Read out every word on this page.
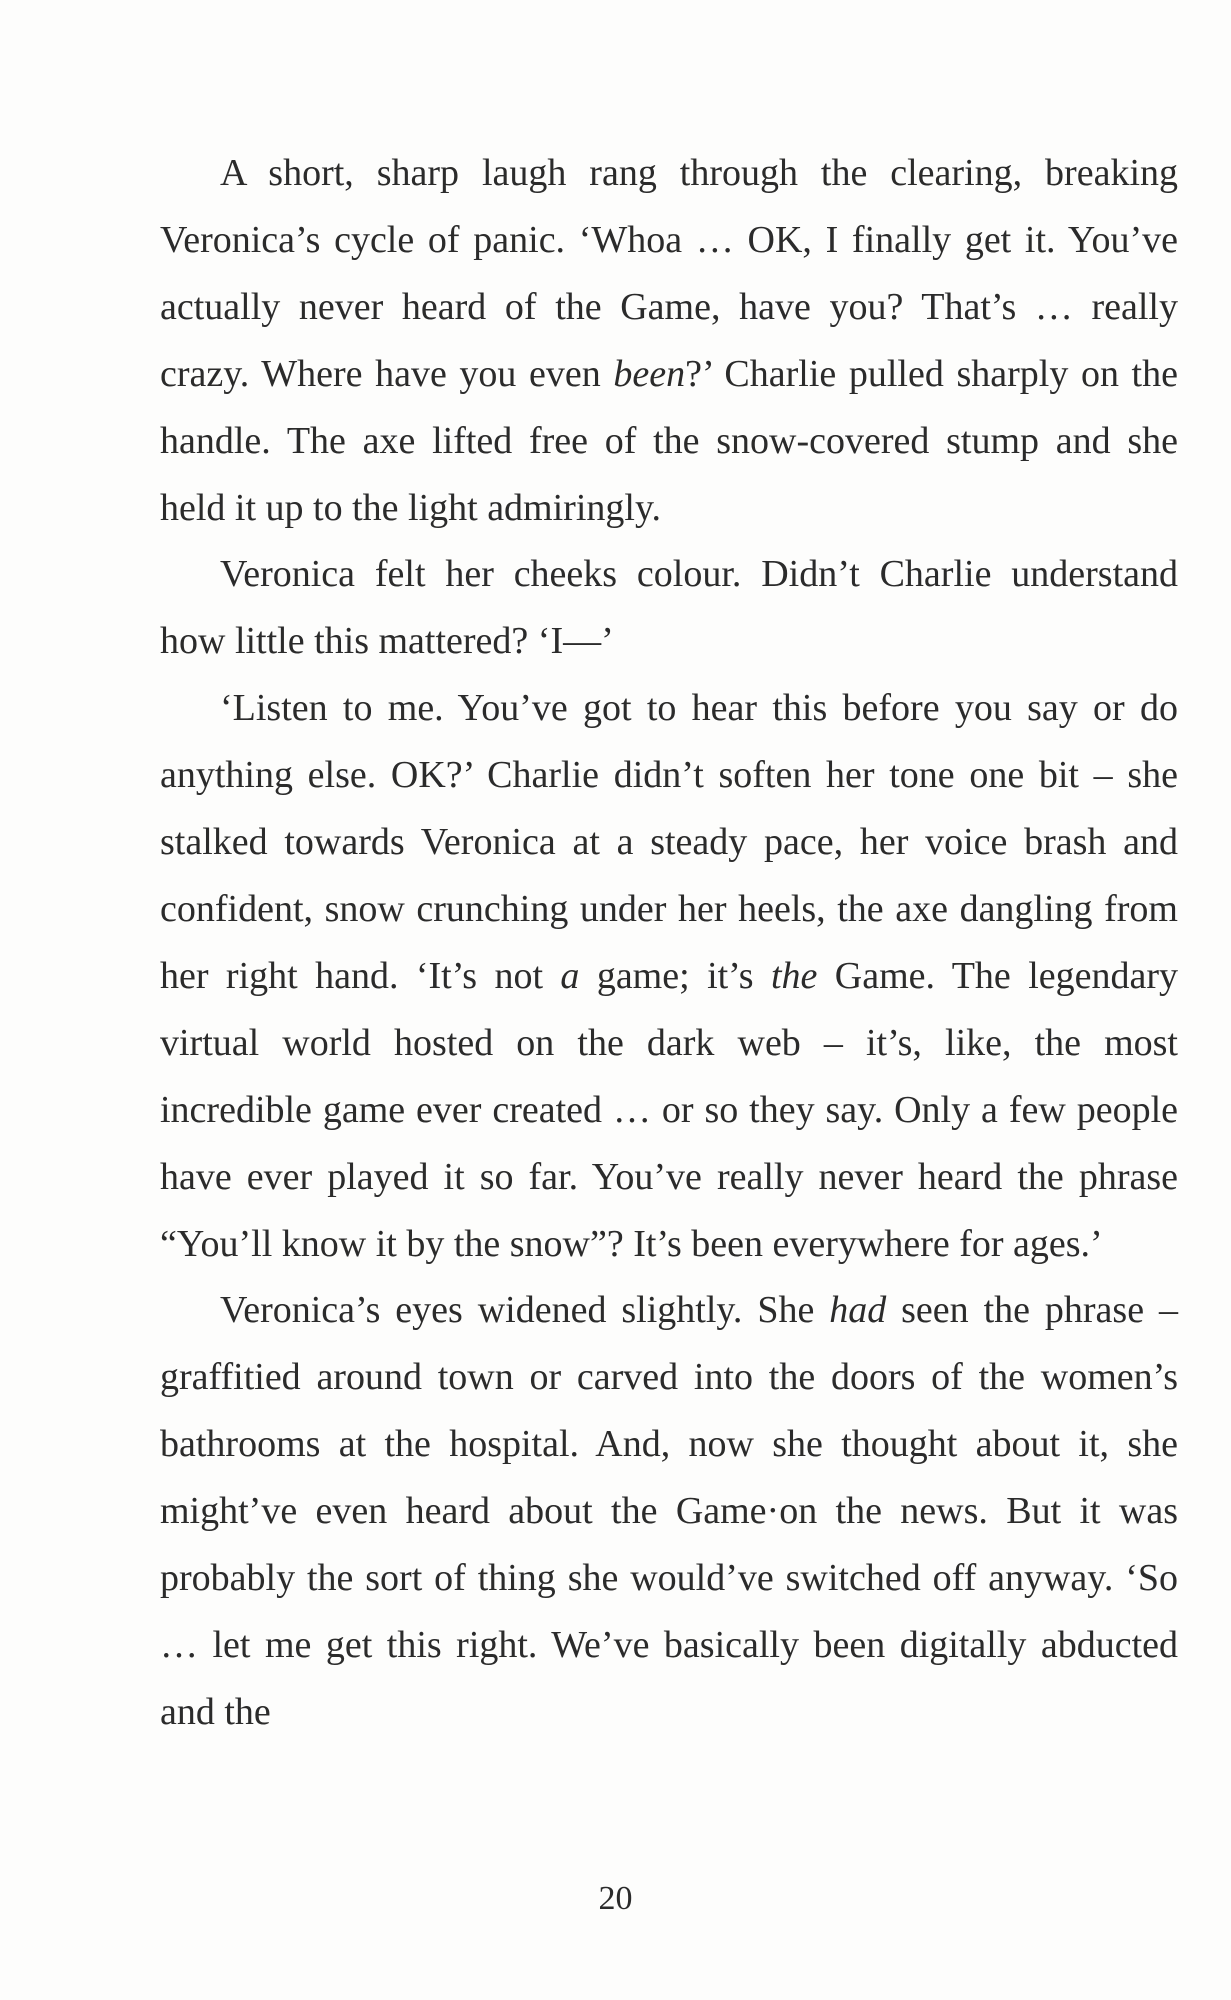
A short, sharp laugh rang through the clearing, breaking Veronica’s cycle of panic. ‘Whoa … OK, I finally get it. You’ve actually never heard of the Game, have you? That’s … really crazy. Where have you even been?’ Charlie pulled sharply on the handle. The axe lifted free of the snow-covered stump and she held it up to the light admiringly.

Veronica felt her cheeks colour. Didn’t Charlie understand how little this mattered? ‘I—’

‘Listen to me. You’ve got to hear this before you say or do anything else. OK?’ Charlie didn’t soften her tone one bit – she stalked towards Veronica at a steady pace, her voice brash and confident, snow crunching under her heels, the axe dangling from her right hand. ‘It’s not a game; it’s the Game. The legendary virtual world hosted on the dark web – it’s, like, the most incredible game ever created … or so they say. Only a few people have ever played it so far. You’ve really never heard the phrase “You’ll know it by the snow”? It’s been everywhere for ages.’

Veronica’s eyes widened slightly. She had seen the phrase – graffitied around town or carved into the doors of the women’s bathrooms at the hospital. And, now she thought about it, she might’ve even heard about the Game·on the news. But it was probably the sort of thing she would’ve switched off anyway. ‘So … let me get this right. We’ve basically been digitally abducted and the

20
